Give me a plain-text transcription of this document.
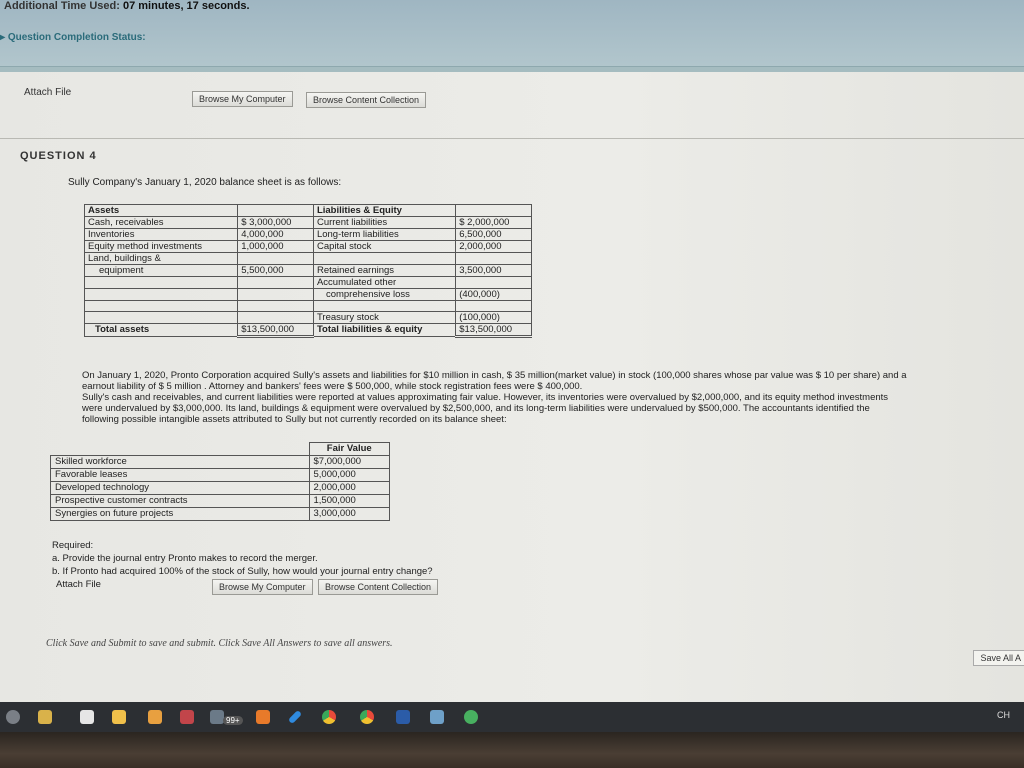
Additional Time Used: 07 minutes, 17 seconds.
▸ Question Completion Status:
Attach File
Browse My Computer	Browse Content Collection
QUESTION 4
Sully Company's January 1, 2020 balance sheet is as follows:
Assets		Liabilities & Equity	
Cash, receivables	$ 3,000,000	Current liabilities	$ 2,000,000
Inventories	4,000,000	Long-term liabilities	6,500,000
Equity method investments	1,000,000	Capital stock	2,000,000
Land, buildings &			
equipment	5,500,000	Retained earnings	3,500,000
		Accumulated other	
		comprehensive loss	(400,000)

		Treasury stock	(100,000)
Total assets	$13,500,000	Total liabilities & equity	$13,500,000
On January 1, 2020, Pronto Corporation acquired Sully's assets and liabilities for $10 million in cash, $ 35 million(market value) in stock (100,000 shares whose par value was $ 10 per share) and a
earnout liability of $ 5 million . Attorney and bankers' fees were $ 500,000, while stock registration fees were $ 400,000.
Sully's cash and receivables, and current liabilities were reported at values approximating fair value. However, its inventories were overvalued by $2,000,000, and its equity method investments
were undervalued by $3,000,000. Its land, buildings & equipment were overvalued by $2,500,000, and its long-term liabilities were undervalued by $500,000. The accountants identified the
following possible intangible assets attributed to Sully but not currently recorded on its balance sheet:
	Fair Value
Skilled workforce	$7,000,000
Favorable leases	5,000,000
Developed technology	2,000,000
Prospective customer contracts	1,500,000
Synergies on future projects	3,000,000
Required:
a. Provide the journal entry Pronto makes to record the merger.
b. If Pronto had acquired 100% of the stock of Sully, how would your journal entry change?
Attach File	Browse My Computer	Browse Content Collection
Click Save and Submit to save and submit. Click Save All Answers to save all answers.
Save All A
99+
CH
